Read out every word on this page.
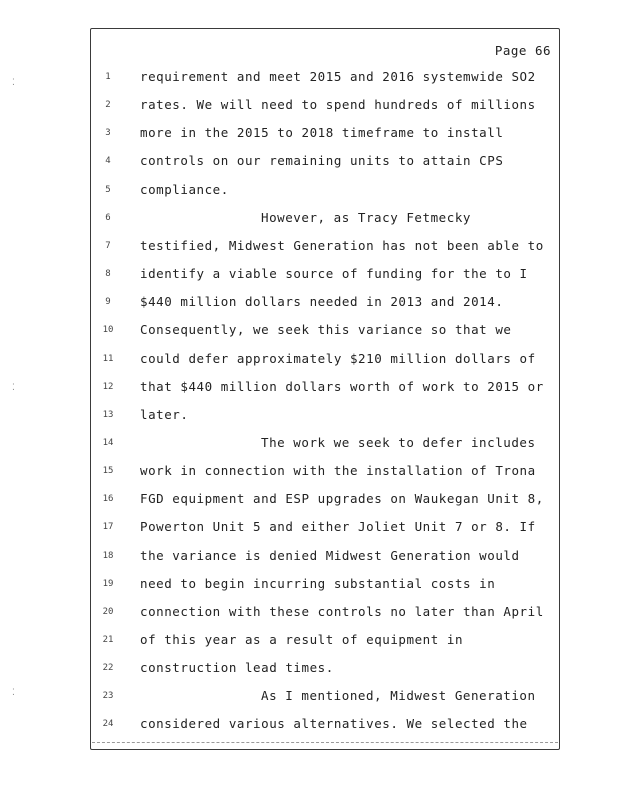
Page 66
1	requirement and meet 2015 and 2016 systemwide SO2
2	rates. We will need to spend hundreds of millions
3	more in the 2015 to 2018 timeframe to install
4	controls on our remaining units to attain CPS
5	compliance.
6	However, as Tracy Fetmecky
7	testified, Midwest Generation has not been able to
8	identify a viable source of funding for the to I
9	$440 million dollars needed in 2013 and 2014.
10	Consequently, we seek this variance so that we
11	could defer approximately $210 million dollars of
12	that $440 million dollars worth of work to 2015 or
13	later.
14	The work we seek to defer includes
15	work in connection with the installation of Trona
16	FGD equipment and ESP upgrades on Waukegan Unit 8,
17	Powerton Unit 5 and either Joliet Unit 7 or 8. If
18	the variance is denied Midwest Generation would
19	need to begin incurring substantial costs in
20	connection with these controls no later than April
21	of this year as a result of equipment in
22	construction lead times.
23	As I mentioned, Midwest Generation
24	considered various alternatives. We selected the
⁚
⁚
⁚
